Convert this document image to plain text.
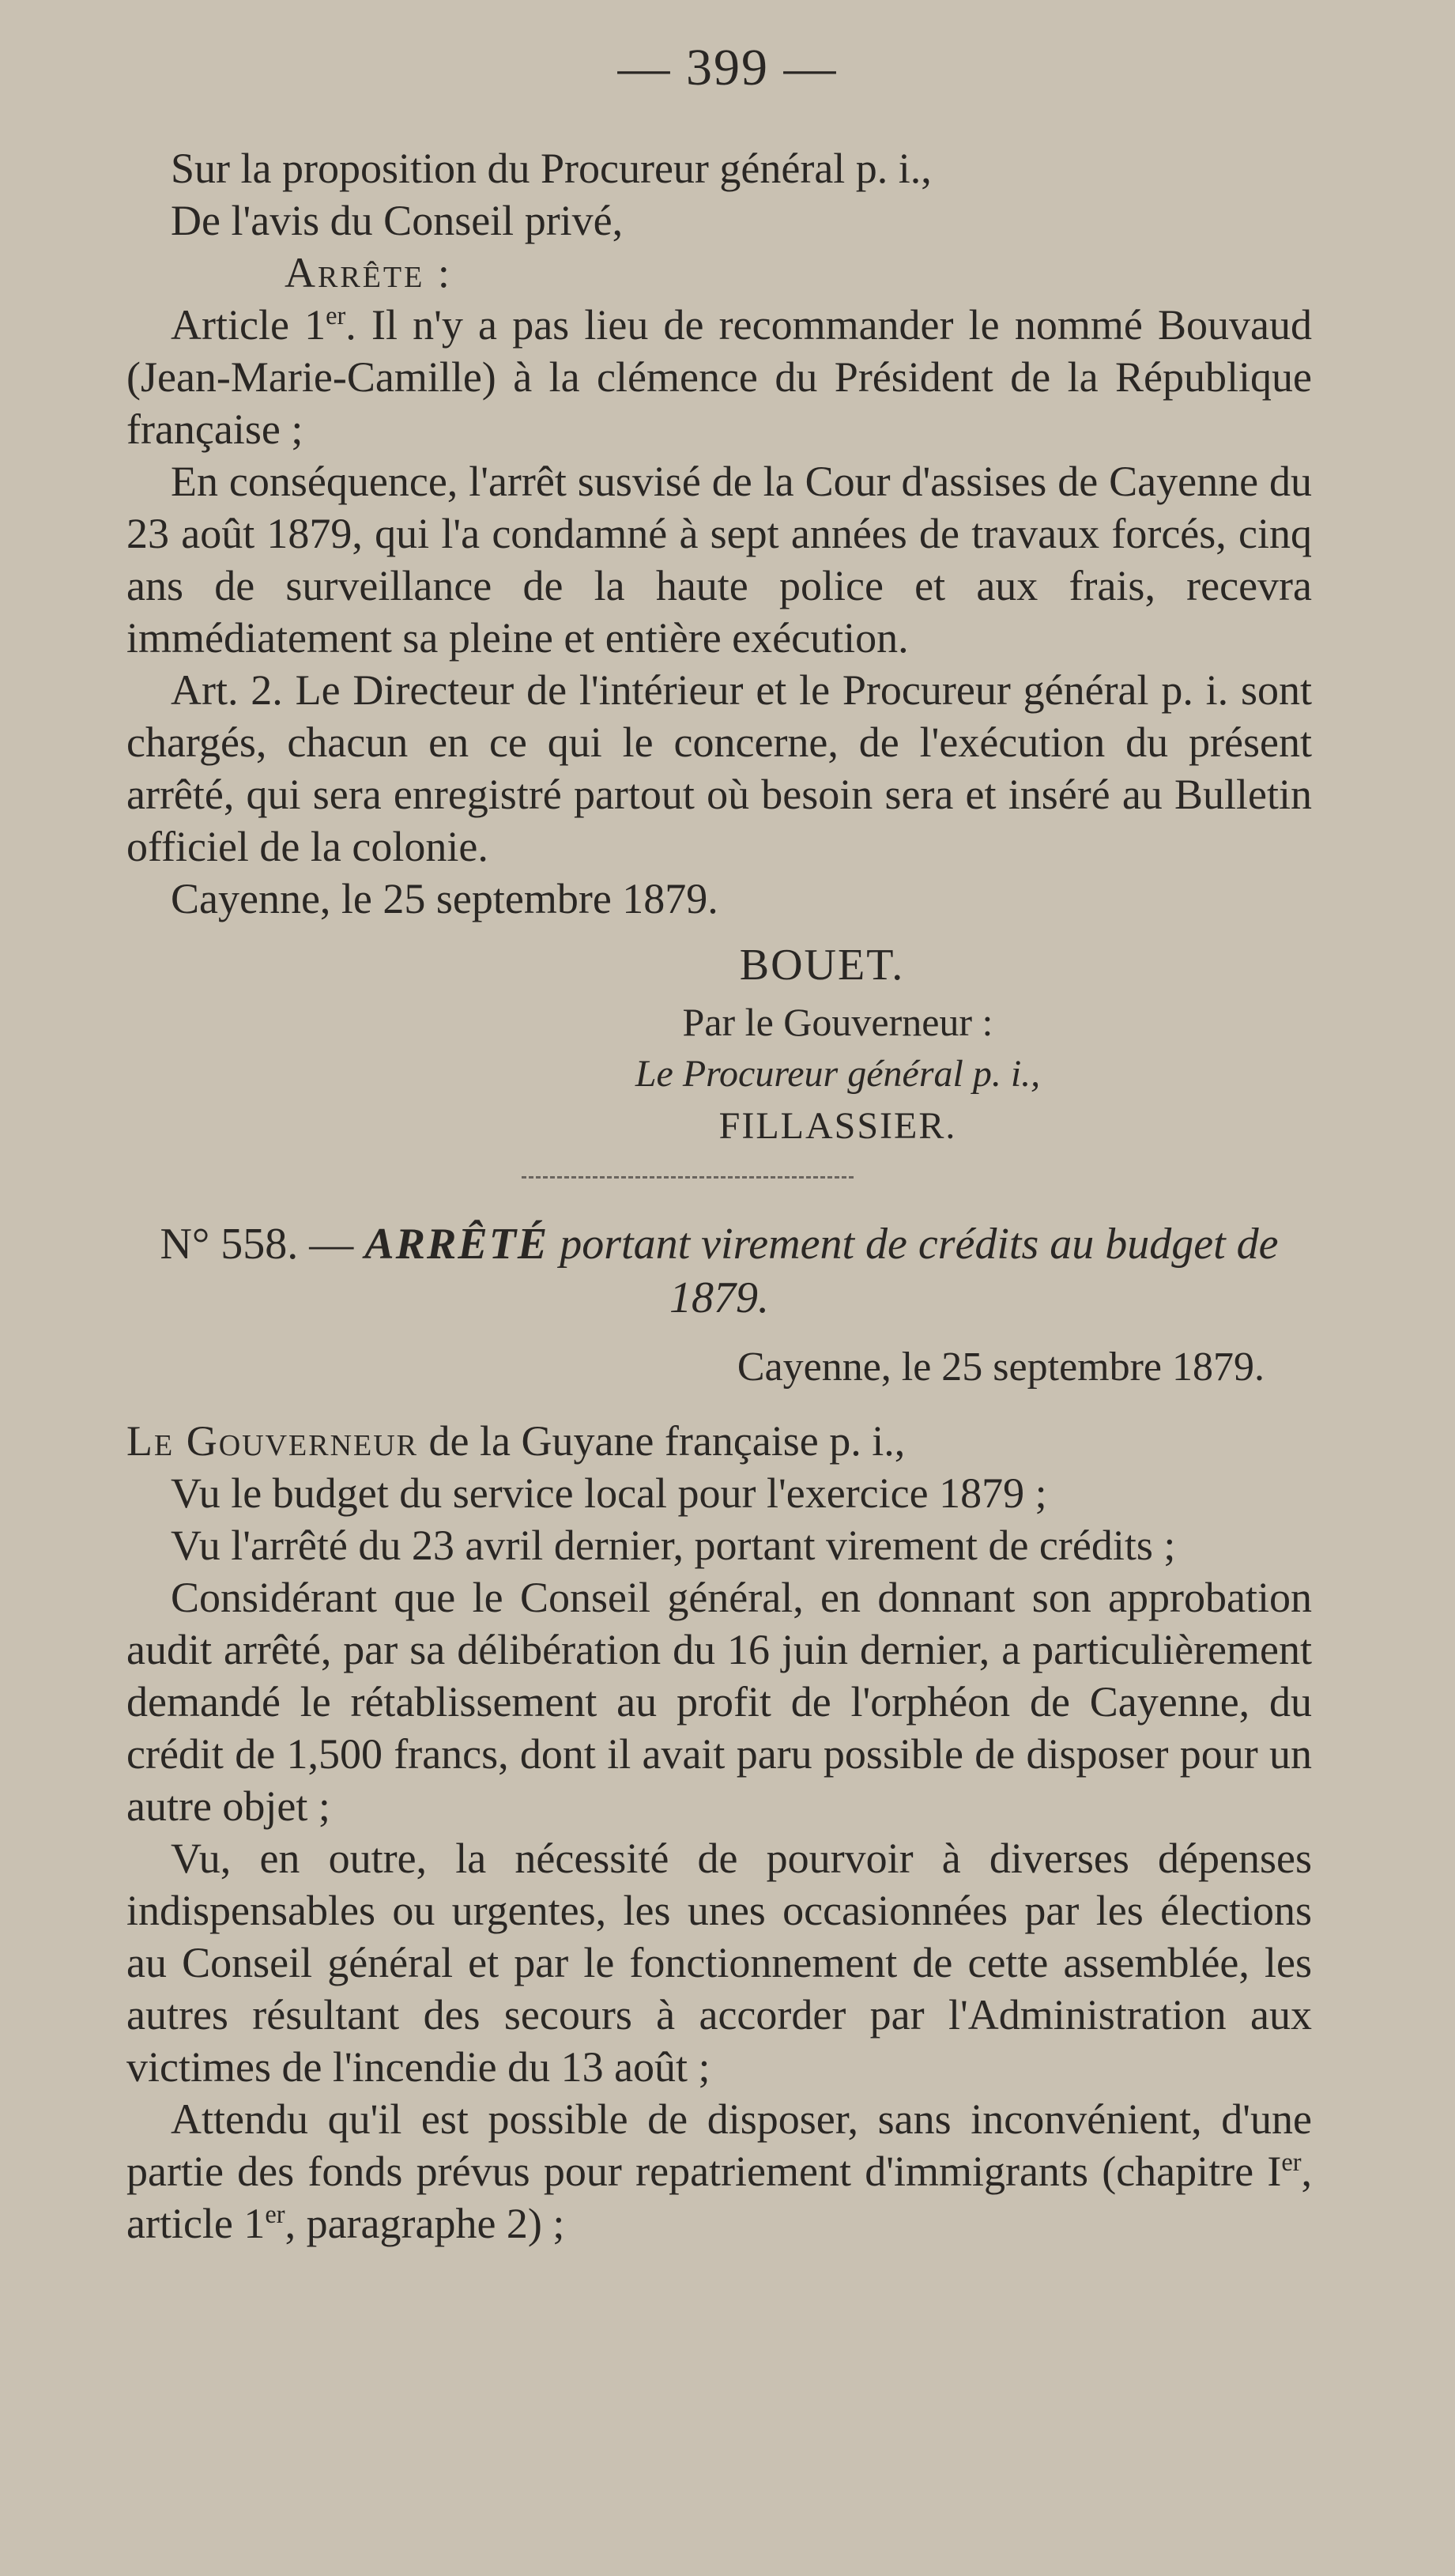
— 399 —

Sur la proposition du Procureur général p. i.,

De l'avis du Conseil privé,

Arrête :

Article 1er. Il n'y a pas lieu de recommander le nommé Bouvaud (Jean-Marie-Camille) à la clémence du Président de la République française ;

En conséquence, l'arrêt susvisé de la Cour d'assises de Cayenne du 23 août 1879, qui l'a condamné à sept années de travaux forcés, cinq ans de surveillance de la haute police et aux frais, recevra immédiatement sa pleine et entière exécution.

Art. 2. Le Directeur de l'intérieur et le Procureur général p. i. sont chargés, chacun en ce qui le concerne, de l'exécution du présent arrêté, qui sera enregistré partout où besoin sera et inséré au Bulletin officiel de la colonie.

Cayenne, le 25 septembre 1879.

BOUET.
Par le Gouverneur :
Le Procureur général p. i.,
FILLASSIER.
N° 558. — ARRÊTÉ portant virement de crédits au budget de 1879.
Cayenne, le 25 septembre 1879.

Le Gouverneur de la Guyane française p. i.,

Vu le budget du service local pour l'exercice 1879 ;

Vu l'arrêté du 23 avril dernier, portant virement de crédits ;

Considérant que le Conseil général, en donnant son approbation audit arrêté, par sa délibération du 16 juin dernier, a particulièrement demandé le rétablissement au profit de l'orphéon de Cayenne, du crédit de 1,500 francs, dont il avait paru possible de disposer pour un autre objet ;

Vu, en outre, la nécessité de pourvoir à diverses dépenses indispensables ou urgentes, les unes occasionnées par les élections au Conseil général et par le fonctionnement de cette assemblée, les autres résultant des secours à accorder par l'Administration aux victimes de l'incendie du 13 août ;

Attendu qu'il est possible de disposer, sans inconvénient, d'une partie des fonds prévus pour repatriement d'immigrants (chapitre Ier, article 1er, paragraphe 2) ;
